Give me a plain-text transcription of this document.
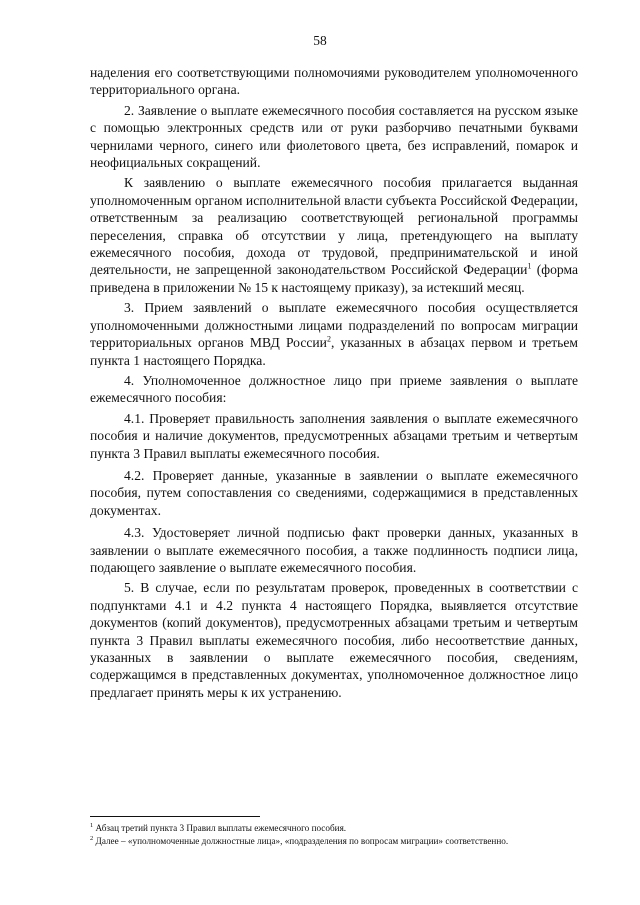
58

наделения его соответствующими полномочиями руководителем уполномоченного территориального органа.

2. Заявление о выплате ежемесячного пособия составляется на русском языке с помощью электронных средств или от руки разборчиво печатными буквами чернилами черного, синего или фиолетового цвета, без исправлений, помарок и неофициальных сокращений.

К заявлению о выплате ежемесячного пособия прилагается выданная уполномоченным органом исполнительной власти субъекта Российской Федерации, ответственным за реализацию соответствующей региональной программы переселения, справка об отсутствии у лица, претендующего на выплату ежемесячного пособия, дохода от трудовой, предпринимательской и иной деятельности, не запрещенной законодательством Российской Федерации$^1$ (форма приведена в приложении № 15 к настоящему приказу), за истекший месяц.

3. Прием заявлений о выплате ежемесячного пособия осуществляется уполномоченными должностными лицами подразделений по вопросам миграции территориальных органов МВД России$^2$, указанных в абзацах первом и третьем пункта 1 настоящего Порядка.

4. Уполномоченное должностное лицо при приеме заявления о выплате ежемесячного пособия:

4.1. Проверяет правильность заполнения заявления о выплате ежемесячного пособия и наличие документов, предусмотренных абзацами третьим и четвертым пункта 3 Правил выплаты ежемесячного пособия.

4.2. Проверяет данные, указанные в заявлении о выплате ежемесячного пособия, путем сопоставления со сведениями, содержащимися в представленных документах.

4.3. Удостоверяет личной подписью факт проверки данных, указанных в заявлении о выплате ежемесячного пособия, а также подлинность подписи лица, подающего заявление о выплате ежемесячного пособия.

5. В случае, если по результатам проверок, проведенных в соответствии с подпунктами 4.1 и 4.2 пункта 4 настоящего Порядка, выявляется отсутствие документов (копий документов), предусмотренных абзацами третьим и четвертым пункта 3 Правил выплаты ежемесячного пособия, либо несоответствие данных, указанных в заявлении о выплате ежемесячного пособия, сведениям, содержащимся в представленных документах, уполномоченное должностное лицо предлагает принять меры к их устранению.

$^1$ Абзац третий пункта 3 Правил выплаты ежемесячного пособия.
$^2$ Далее – «уполномоченные должностные лица», «подразделения по вопросам миграции» соответственно.
